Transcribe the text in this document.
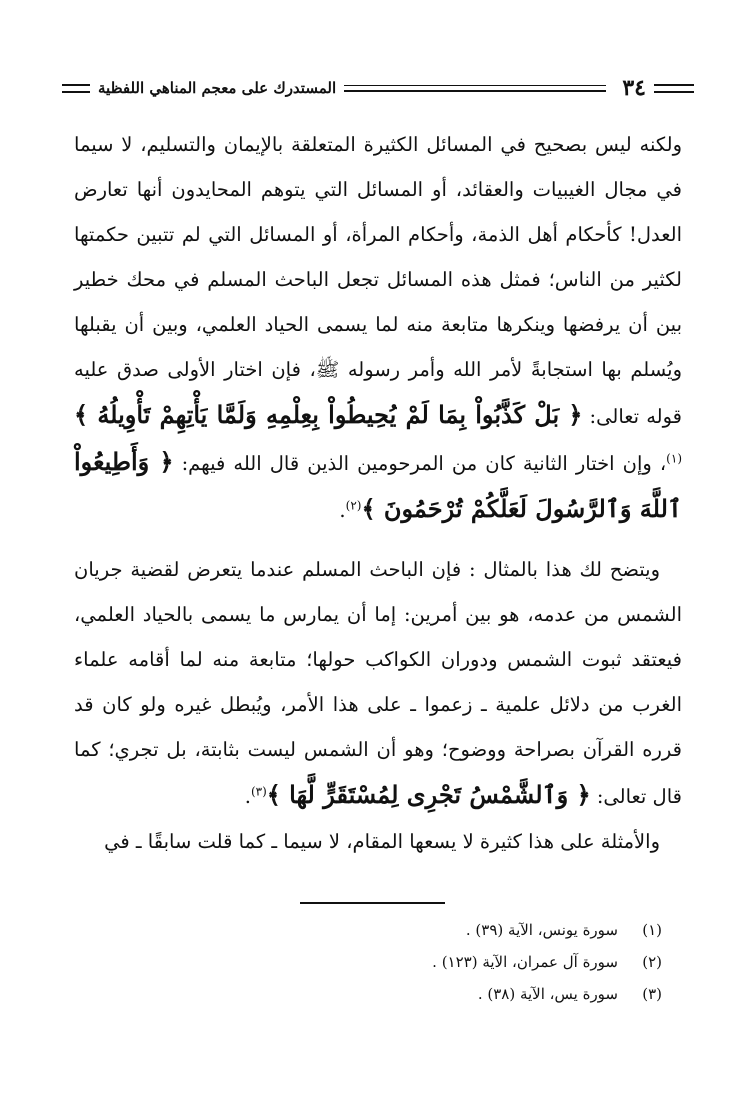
٣٤
المستدرك على معجم المناهي اللفظية

ولكنه ليس بصحيح في المسائل الكثيرة المتعلقة بالإيمان والتسليم، لا سيما في مجال الغيبيات والعقائد، أو المسائل التي يتوهم المحايدون أنها تعارض العدل! كأحكام أهل الذمة، وأحكام المرأة، أو المسائل التي لم تتبين حكمتها لكثير من الناس؛ فمثل هذه المسائل تجعل الباحث المسلم في محك خطير بين أن يرفضها وينكرها متابعة منه لما يسمى الحياد العلمي، وبين أن يقبلها ويُسلم بها استجابةً لأمر الله وأمر رسوله ﷺ، فإن اختار الأولى صدق عليه قوله تعالى: ﴿ بَلْ كَذَّبُواْ بِمَا لَمْ يُحِيطُواْ بِعِلْمِهِ وَلَمَّا يَأْتِهِمْ تَأْوِيلُهُ ﴾$^{(١)}$، وإن اختار الثانية كان من المرحومين الذين قال الله فيهم: ﴿ وَأَطِيعُواْ ٱللَّهَ وَٱلرَّسُولَ لَعَلَّكُمْ تُرْحَمُونَ ﴾$^{(٢)}$.

ويتضح لك هذا بالمثال : فإن الباحث المسلم عندما يتعرض لقضية جريان الشمس من عدمه، هو بين أمرين: إما أن يمارس ما يسمى بالحياد العلمي، فيعتقد ثبوت الشمس ودوران الكواكب حولها؛ متابعة منه لما أقامه علماء الغرب من دلائل علمية ـ زعموا ـ على هذا الأمر، ويُبطل غيره ولو كان قد قرره القرآن بصراحة ووضوح؛ وهو أن الشمس ليست بثابتة، بل تجري؛ كما قال تعالى: ﴿ وَٱلشَّمْسُ تَجْرِى لِمُسْتَقَرٍّ لَّهَا ﴾$^{(٣)}$.

والأمثلة على هذا كثيرة لا يسعها المقام، لا سيما ـ كما قلت سابقًا ـ في

(١)
سورة يونس، الآية (٣٩) .
(٢)
سورة آل عمران، الآية (١٢٣) .
(٣)
سورة يس، الآية (٣٨) .
